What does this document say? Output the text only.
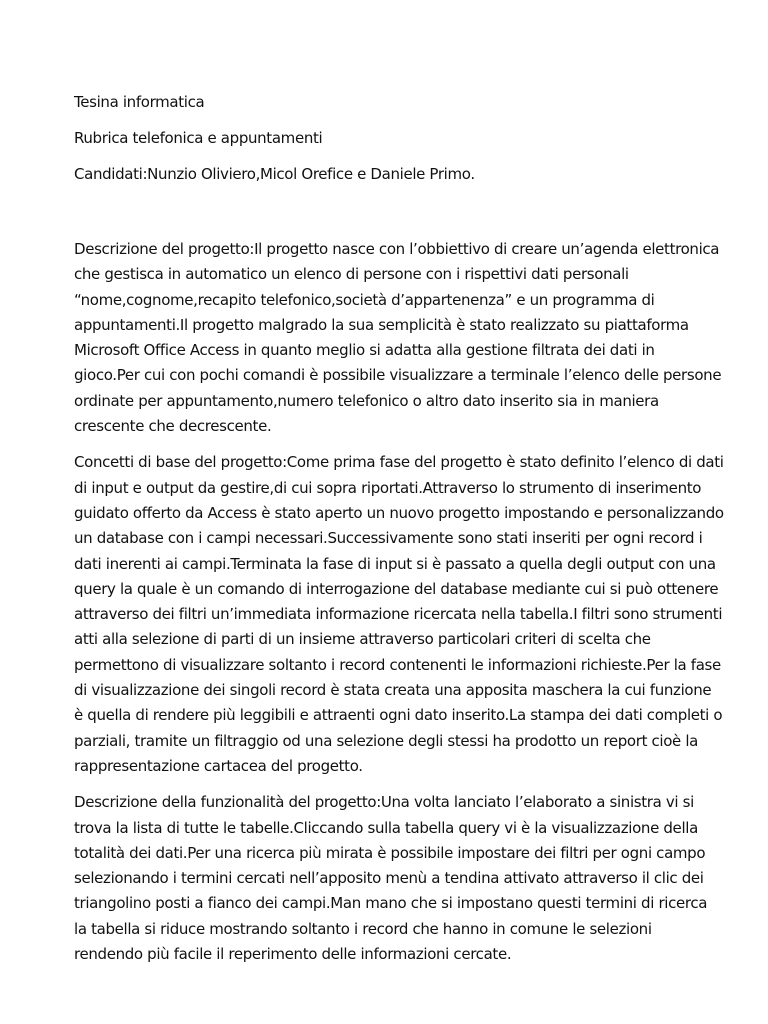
Tesina informatica

Rubrica telefonica e appuntamenti

Candidati:Nunzio Oliviero,Micol Orefice e Daniele Primo.

Descrizione del progetto:Il progetto nasce con l’obbiettivo di creare un’agenda elettronica che gestisca in automatico un elenco di persone con i rispettivi dati personali “nome,cognome,recapito telefonico,società d’appartenenza” e un programma di appuntamenti.Il progetto malgrado la sua semplicità è stato realizzato su piattaforma Microsoft Office Access in quanto meglio si adatta alla gestione filtrata dei dati in gioco.Per cui con pochi comandi è possibile visualizzare a terminale l’elenco delle persone ordinate per appuntamento,numero telefonico o altro dato inserito sia in maniera crescente che decrescente.

Concetti di base del progetto:Come prima fase del progetto è stato definito l’elenco di dati di input e output da gestire,di cui sopra riportati.Attraverso lo strumento di inserimento guidato offerto da Access è stato aperto un nuovo progetto impostando e personalizzando un database con i campi necessari.Successivamente sono stati inseriti per ogni record i dati inerenti ai campi.Terminata la fase di input si è passato a quella degli output con una query la quale è un comando di interrogazione del database mediante cui si può ottenere attraverso dei filtri un’immediata informazione ricercata nella tabella.I filtri sono strumenti atti alla selezione di parti di un insieme attraverso particolari criteri di scelta che permettono di visualizzare soltanto i record contenenti le informazioni richieste.Per la fase di visualizzazione dei singoli record è stata creata una apposita maschera la cui funzione è quella di rendere più leggibili e attraenti ogni dato inserito.La stampa dei dati completi o parziali, tramite un filtraggio od una selezione degli stessi ha prodotto un report cioè la rappresentazione cartacea del progetto.

Descrizione della funzionalità del progetto:Una volta lanciato l’elaborato a sinistra vi si trova la lista di tutte le tabelle.Cliccando sulla tabella query vi è la visualizzazione della totalità dei dati.Per una ricerca più mirata è possibile impostare dei filtri per ogni campo selezionando i termini cercati nell’apposito menù a tendina attivato attraverso il clic dei triangolino posti a fianco dei campi.Man mano che si impostano questi termini di ricerca la tabella si riduce mostrando soltanto i record che hanno in comune le selezioni rendendo più facile il reperimento delle informazioni cercate.
